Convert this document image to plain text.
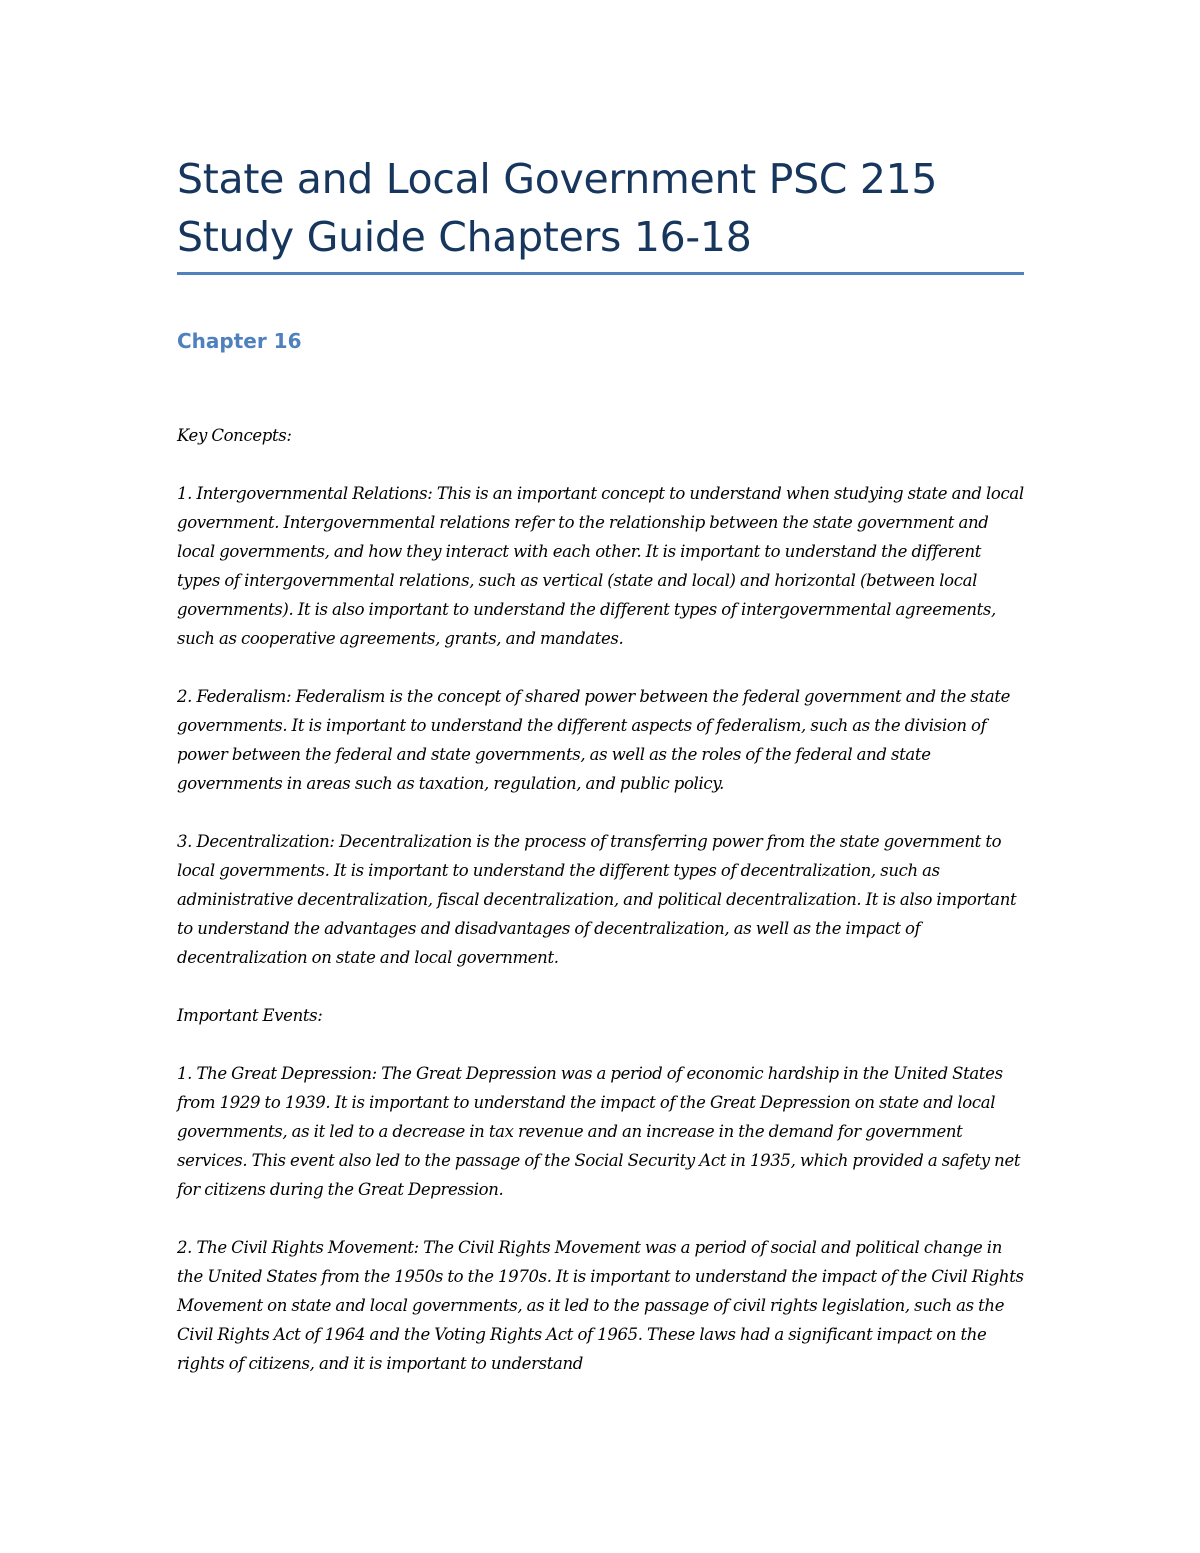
State and Local Government PSC 215
Study Guide Chapters 16-18
Chapter 16

Key Concepts:

1. Intergovernmental Relations: This is an important concept to understand when studying state and local government. Intergovernmental relations refer to the relationship between the state government and local governments, and how they interact with each other. It is important to understand the different types of intergovernmental relations, such as vertical (state and local) and horizontal (between local governments). It is also important to understand the different types of intergovernmental agreements, such as cooperative agreements, grants, and mandates.

2. Federalism: Federalism is the concept of shared power between the federal government and the state governments. It is important to understand the different aspects of federalism, such as the division of power between the federal and state governments, as well as the roles of the federal and state governments in areas such as taxation, regulation, and public policy.

3. Decentralization: Decentralization is the process of transferring power from the state government to local governments. It is important to understand the different types of decentralization, such as administrative decentralization, fiscal decentralization, and political decentralization. It is also important to understand the advantages and disadvantages of decentralization, as well as the impact of decentralization on state and local government.

Important Events:

1. The Great Depression: The Great Depression was a period of economic hardship in the United States from 1929 to 1939. It is important to understand the impact of the Great Depression on state and local governments, as it led to a decrease in tax revenue and an increase in the demand for government services. This event also led to the passage of the Social Security Act in 1935, which provided a safety net for citizens during the Great Depression.

2. The Civil Rights Movement: The Civil Rights Movement was a period of social and political change in the United States from the 1950s to the 1970s. It is important to understand the impact of the Civil Rights Movement on state and local governments, as it led to the passage of civil rights legislation, such as the Civil Rights Act of 1964 and the Voting Rights Act of 1965. These laws had a significant impact on the rights of citizens, and it is important to understand
